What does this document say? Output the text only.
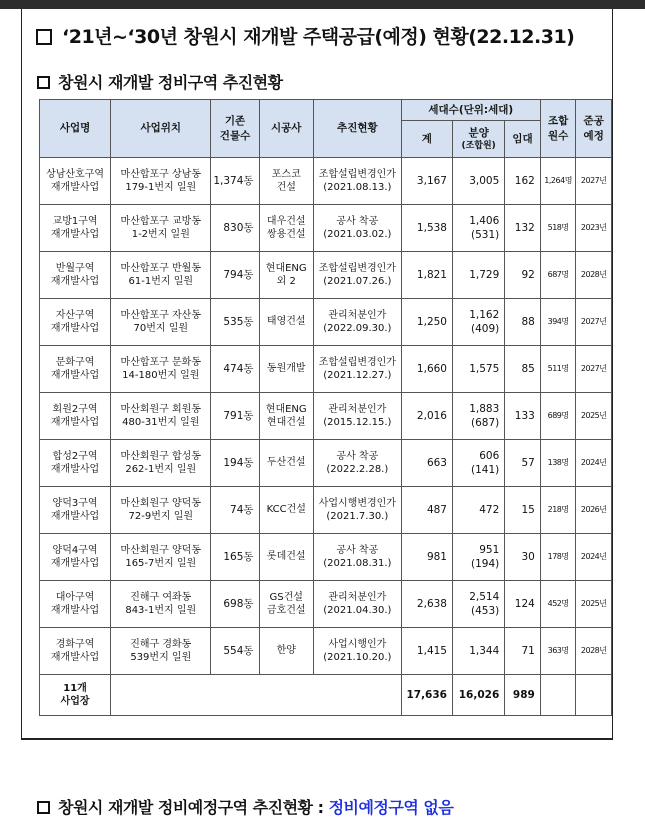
‘21년~‘30년 창원시 재개발 주택공급(예정) 현황(22.12.31)
창원시 재개발 정비구역 추진현황
사업명	사업위치	기존
건물수	시공사	추진현황	세대수(단위:세대)			조합
원수	준공
예정

					계	분양
(조합원)	임대		

상남산호구역
재개발사업	마산합포구 상남동
179-1번지 일원	1,374동	포스코
건설	조합설립변경인가
(2021.08.13.)	3,167	3,005	162	1,264명	2027년

교방1구역
재개발사업	마산합포구 교방동
1-2번지 일원	830동	대우건설
쌍용건설	공사 착공
(2021.03.02.)	1,538	1,406
(531)	132	518명	2023년

반월구역
재개발사업	마산합포구 반월동
61-1번지 일원	794동	현대ENG
외 2	조합설립변경인가
(2021.07.26.)	1,821	1,729	92	687명	2028년

자산구역
재개발사업	마산합포구 자산동
70번지 일원	535동	태영건설	관리처분인가
(2022.09.30.)	1,250	1,162
(409)	88	394명	2027년

문화구역
재개발사업	마산합포구 문화동
14-180번지 일원	474동	동원개발	조합설립변경인가
(2021.12.27.)	1,660	1,575	85	511명	2027년

회원2구역
재개발사업	마산회원구 회원동
480-31번지 일원	791동	현대ENG
현대건설	관리처분인가
(2015.12.15.)	2,016	1,883
(687)	133	689명	2025년

합성2구역
재개발사업	마산회원구 합성동
262-1번지 일원	194동	두산건설	공사 착공
(2022.2.28.)	663	606
(141)	57	138명	2024년

양덕3구역
재개발사업	마산회원구 양덕동
72-9번지 일원	74동	KCC건설	사업시행변경인가
(2021.7.30.)	487	472	15	218명	2026년

양덕4구역
재개발사업	마산회원구 양덕동
165-7번지 일원	165동	롯데건설	공사 착공
(2021.08.31.)	981	951
(194)	30	178명	2024년

대아구역
재개발사업	진해구 여좌동
843-1번지 일원	698동	GS건설
금호건설	관리처분인가
(2021.04.30.)	2,638	2,514
(453)	124	452명	2025년

경화구역
재개발사업	진해구 경화동
539번지 일원	554동	한양	사업시행인가
(2021.10.20.)	1,415	1,344	71	363명	2028년

11개
사업장					17,636	16,026	989		
창원시 재개발 정비예정구역 추진현황 : 정비예정구역 없음
